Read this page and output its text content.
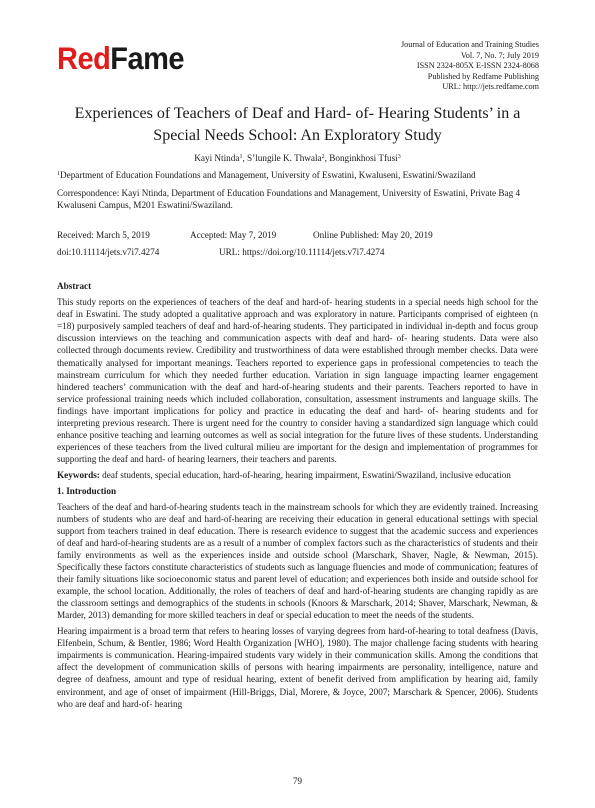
RedFame	Journal of Education and Training Studies
Vol. 7, No. 7; July 2019
ISSN 2324-805X E-ISSN 2324-8068
Published by Redfame Publishing
URL: http://jets.redfame.com
Experiences of Teachers of Deaf and Hard- of- Hearing Students’ in a Special Needs School: An Exploratory Study
Kayi Ntinda$^1$, S’lungile K. Thwala$^2$, Bonginkhosi Tfusi$^3$
$^1$Department of Education Foundations and Management, University of Eswatini, Kwaluseni, Eswatini/Swaziland
Correspondence: Kayi Ntinda, Department of Education Foundations and Management, University of Eswatini, Private Bag 4 Kwaluseni Campus, M201 Eswatini/Swaziland.
Received: March 5, 2019	Accepted: May 7, 2019	Online Published: May 20, 2019
doi:10.11114/jets.v7i7.4274	URL: https://doi.org/10.11114/jets.v7i7.4274
Abstract
This study reports on the experiences of teachers of the deaf and hard-of- hearing students in a special needs high school for the deaf in Eswatini. The study adopted a qualitative approach and was exploratory in nature. Participants comprised of eighteen (n =18) purposively sampled teachers of deaf and hard-of-hearing students. They participated in individual in-depth and focus group discussion interviews on the teaching and communication aspects with deaf and hard- of- hearing students. Data were also collected through documents review. Credibility and trustworthiness of data were established through member checks. Data were thematically analysed for important meanings. Teachers reported to experience gaps in professional competencies to teach the mainstream curriculum for which they needed further education. Variation in sign language impacting learner engagement hindered teachers’ communication with the deaf and hard-of-hearing students and their parents. Teachers reported to have in service professional training needs which included collaboration, consultation, assessment instruments and language skills. The findings have important implications for policy and practice in educating the deaf and hard- of- hearing students and for interpreting previous research. There is urgent need for the country to consider having a standardized sign language which could enhance positive teaching and learning outcomes as well as social integration for the future lives of these students. Understanding experiences of these teachers from the lived cultural milieu are important for the design and implementation of programmes for supporting the deaf and hard- of hearing learners, their teachers and parents.
Keywords: deaf students, special education, hard-of-hearing, hearing impairment, Eswatini/Swaziland, inclusive education
1. Introduction
Teachers of the deaf and hard-of-hearing students teach in the mainstream schools for which they are evidently trained. Increasing numbers of students who are deaf and hard-of-hearing are receiving their education in general educational settings with special support from teachers trained in deaf education. There is research evidence to suggest that the academic success and experiences of deaf and hard-of-hearing students are as a result of a number of complex factors such as the characteristics of students and their family environments as well as the experiences inside and outside school (Marschark, Shaver, Nagle, & Newman, 2015). Specifically these factors constitute characteristics of students such as language fluencies and mode of communication; features of their family situations like socioeconomic status and parent level of education; and experiences both inside and outside school for example, the school location. Additionally, the roles of teachers of deaf and hard-of-hearing students are changing rapidly as are the classroom settings and demographics of the students in schools (Knoors & Marschark, 2014; Shaver, Marschark, Newman, & Marder, 2013) demanding for more skilled teachers in deaf or special education to meet the needs of the students.
Hearing impairment is a broad term that refers to hearing losses of varying degrees from hard-of-hearing to total deafness (Davis, Elfenbein, Schum, & Bentler, 1986; Word Health Organization [WHO], 1980). The major challenge facing students with hearing impairments is communication. Hearing-impaired students vary widely in their communication skills. Among the conditions that affect the development of communication skills of persons with hearing impairments are personality, intelligence, nature and degree of deafness, amount and type of residual hearing, extent of benefit derived from amplification by hearing aid, family environment, and age of onset of impairment (Hill-Briggs, Dial, Morere, & Joyce, 2007; Marschark & Spencer, 2006). Students who are deaf and hard-of- hearing
79
